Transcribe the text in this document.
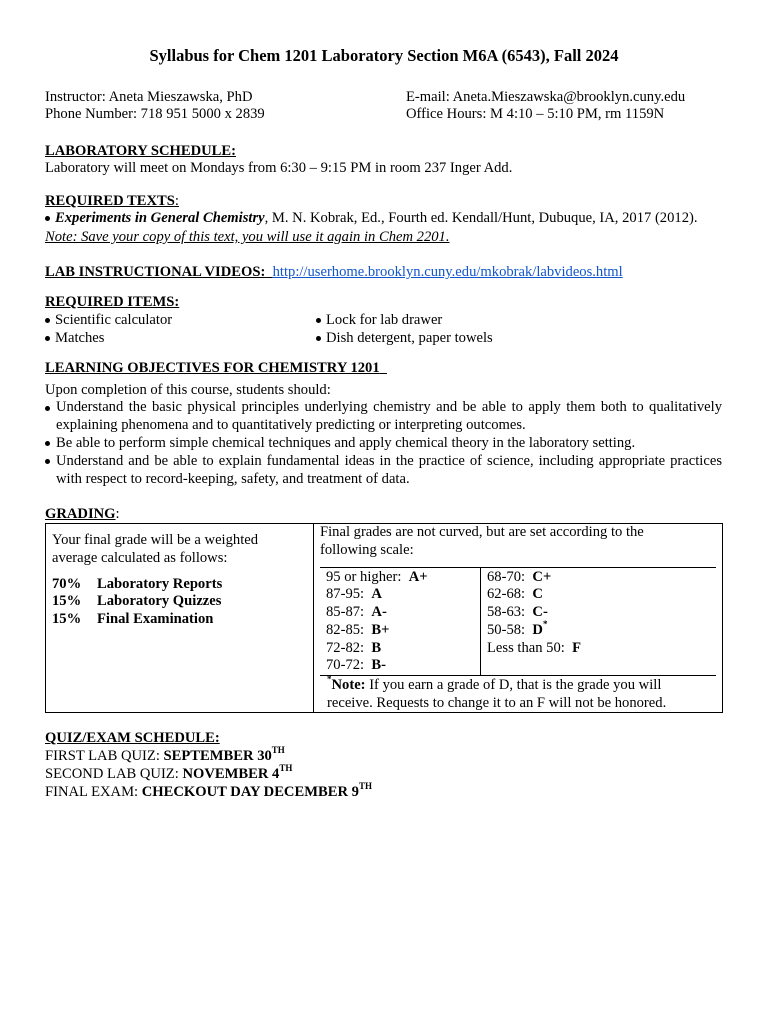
Syllabus for Chem 1201 Laboratory Section M6A (6543), Fall 2024
Instructor: Aneta Mieszawska, PhD
Phone Number: 718 951 5000 x 2839
E-mail: Aneta.Mieszawska@brooklyn.cuny.edu
Office Hours: M 4:10 – 5:10 PM, rm 1159N
LABORATORY SCHEDULE:
Laboratory will meet on Mondays from 6:30 – 9:15 PM in room 237 Inger Add.
REQUIRED TEXTS:
Experiments in General Chemistry, M. N. Kobrak, Ed., Fourth ed. Kendall/Hunt, Dubuque, IA, 2017 (2012).
Note: Save your copy of this text, you will use it again in Chem 2201.
LAB INSTRUCTIONAL VIDEOS: http://userhome.brooklyn.cuny.edu/mkobrak/labvideos.html
REQUIRED ITEMS:
Scientific calculator
Matches
Lock for lab drawer
Dish detergent, paper towels
LEARNING OBJECTIVES FOR CHEMISTRY 1201
Upon completion of this course, students should:
Understand the basic physical principles underlying chemistry and be able to apply them both to qualitatively explaining phenomena and to quantitatively predicting or interpreting outcomes.
Be able to perform simple chemical techniques and apply chemical theory in the laboratory setting.
Understand and be able to explain fundamental ideas in the practice of science, including appropriate practices with respect to record-keeping, safety, and treatment of data.
GRADING:
Your final grade will be a weighted average calculated as follows:
70% Laboratory Reports
15% Laboratory Quizzes
15% Final Examination
Final grades are not curved, but are set according to the following scale:
95 or higher: A+
87-95: A
85-87: A-
82-85: B+
72-82: B
70-72: B-
68-70: C+
62-68: C
58-63: C-
50-58: D*
Less than 50: F
*Note: If you earn a grade of D, that is the grade you will receive. Requests to change it to an F will not be honored.
QUIZ/EXAM SCHEDULE:
FIRST LAB QUIZ: SEPTEMBER 30TH
SECOND LAB QUIZ: NOVEMBER 4TH
FINAL EXAM: CHECKOUT DAY DECEMBER 9TH
